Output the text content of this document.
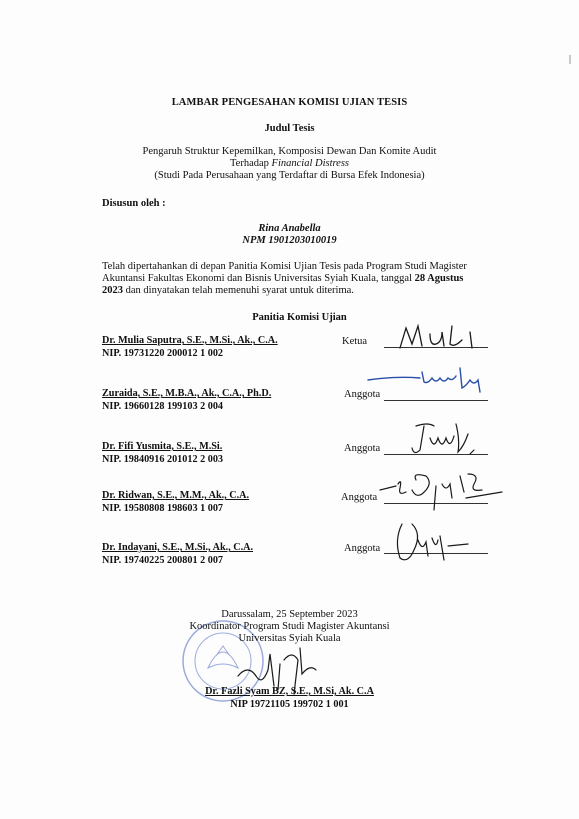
LAMBAR PENGESAHAN KOMISI UJIAN TESIS
Judul Tesis
Pengaruh Struktur Kepemilkan, Komposisi Dewan Dan Komite Audit
Terhadap Financial Distress
(Studi Pada Perusahaan yang Terdaftar di Bursa Efek Indonesia)
Disusun oleh :
Rina Anabella
NPM 1901203010019
Telah dipertahankan di depan Panitia Komisi Ujian Tesis pada Program Studi Magister
Akuntansi Fakultas Ekonomi dan Bisnis Universitas Syiah Kuala, tanggal 28 Agustus
2023 dan dinyatakan telah memenuhi syarat untuk diterima.
Panitia Komisi Ujian
Dr. Mulia Saputra, S.E., M.Si., Ak., C.A.
NIP. 19731220 200012 1 002
Ketua
Zuraida, S.E., M.B.A., Ak., C.A., Ph.D.
NIP. 19660128 199103 2 004
Anggota
Dr. Fifi Yusmita, S.E., M.Si.
NIP. 19840916 201012 2 003
Anggota
Dr. Ridwan, S.E., M.M., Ak., C.A.
NIP. 19580808 198603 1 007
Anggota
Dr. Indayani, S.E., M.Si., Ak., C.A.
NIP. 19740225 200801 2 007
Anggota
Darussalam, 25 September 2023
Koordinator Program Studi Magister Akuntansi
Universitas Syiah Kuala
Dr. Fazli Syam BZ, S.E., M.Si, Ak. C.A
NIP 19721105 199702 1 001
